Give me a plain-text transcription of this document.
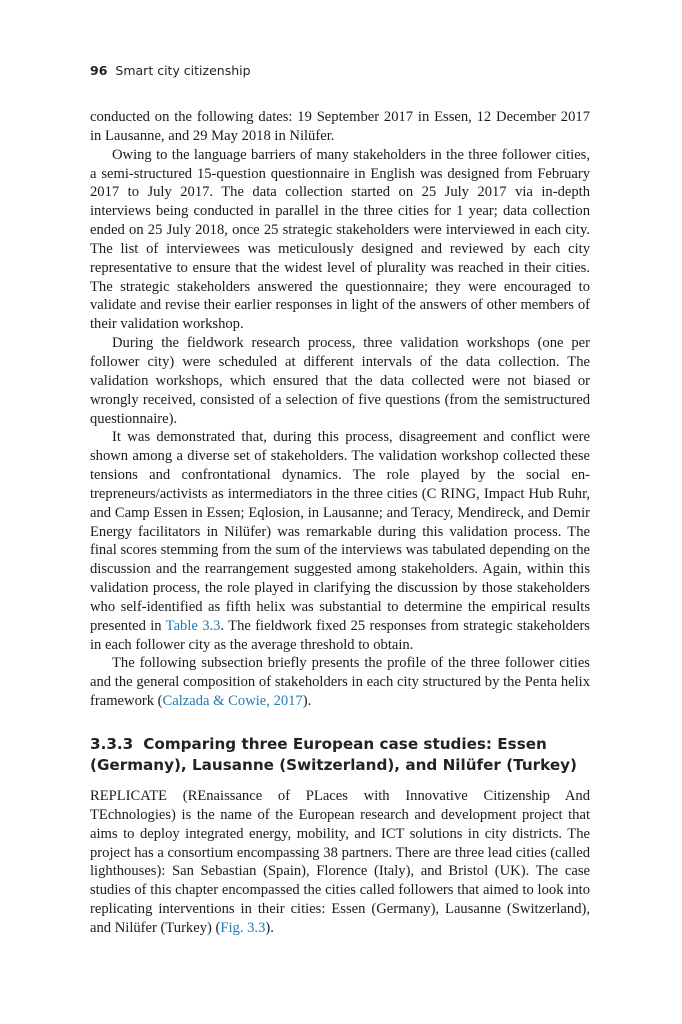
96 Smart city citizenship

conducted on the following dates: 19 September 2017 in Essen, 12 December 2017 in Lausanne, and 29 May 2018 in Nilüfer.

Owing to the language barriers of many stakeholders in the three follower cities, a semi-structured 15-question questionnaire in English was designed from February 2017 to July 2017. The data collection started on 25 July 2017 via in-depth interviews being conducted in parallel in the three cities for 1 year; data collection ended on 25 July 2018, once 25 strategic stakeholders were interviewed in each city. The list of interviewees was meticulously designed and reviewed by each city representative to ensure that the widest level of plurality was reached in their cities. The strategic stakeholders answered the questionnaire; they were encouraged to validate and revise their earlier responses in light of the answers of other members of their validation workshop.

During the fieldwork research process, three validation workshops (one per follower city) were scheduled at different intervals of the data collection. The validation workshops, which ensured that the data collected were not biased or wrongly received, consisted of a selection of five questions (from the semistructured questionnaire).

It was demonstrated that, during this process, disagreement and conflict were shown among a diverse set of stakeholders. The validation workshop collected these tensions and confrontational dynamics. The role played by the social entrepreneurs/activists as intermediators in the three cities (C RING, Impact Hub Ruhr, and Camp Essen in Essen; Eqlosion, in Lausanne; and Teracy, Mendireck, and Demir Energy facilitators in Nilüfer) was remarkable during this validation process. The final scores stemming from the sum of the interviews was tabulated depending on the discussion and the rearrangement suggested among stakeholders. Again, within this validation process, the role played in clarifying the discussion by those stakeholders who self-identified as fifth helix was substantial to determine the empirical results presented in Table 3.3. The fieldwork fixed 25 responses from strategic stakeholders in each follower city as the average threshold to obtain.

The following subsection briefly presents the profile of the three follower cities and the general composition of stakeholders in each city structured by the Penta helix framework (Calzada & Cowie, 2017).

3.3.3 Comparing three European case studies: Essen (Germany), Lausanne (Switzerland), and Nilüfer (Turkey)

REPLICATE (REnaissance of PLaces with Innovative Citizenship And TEchnologies) is the name of the European research and development project that aims to deploy integrated energy, mobility, and ICT solutions in city districts. The project has a consortium encompassing 38 partners. There are three lead cities (called lighthouses): San Sebastian (Spain), Florence (Italy), and Bristol (UK). The case studies of this chapter encompassed the cities called followers that aimed to look into replicating interventions in their cities: Essen (Germany), Lausanne (Switzerland), and Nilüfer (Turkey) (Fig. 3.3).
